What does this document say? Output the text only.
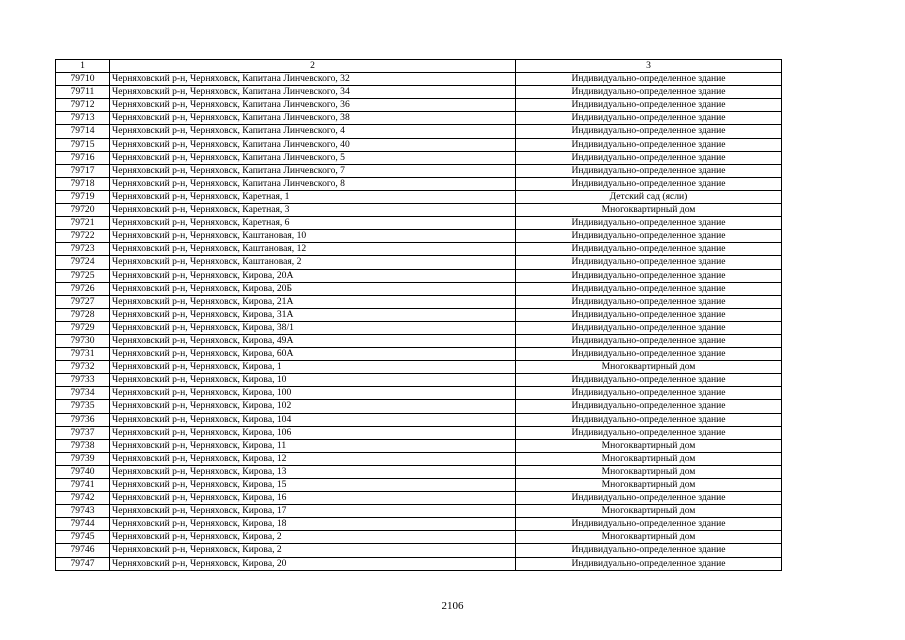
1	2	3
79710	Черняховский р-н, Черняховск, Капитана Линчевского, 32	Индивидуально-определенное здание
79711	Черняховский р-н, Черняховск, Капитана Линчевского, 34	Индивидуально-определенное здание
79712	Черняховский р-н, Черняховск, Капитана Линчевского, 36	Индивидуально-определенное здание
79713	Черняховский р-н, Черняховск, Капитана Линчевского, 38	Индивидуально-определенное здание
79714	Черняховский р-н, Черняховск, Капитана Линчевского, 4	Индивидуально-определенное здание
79715	Черняховский р-н, Черняховск, Капитана Линчевского, 40	Индивидуально-определенное здание
79716	Черняховский р-н, Черняховск, Капитана Линчевского, 5	Индивидуально-определенное здание
79717	Черняховский р-н, Черняховск, Капитана Линчевского, 7	Индивидуально-определенное здание
79718	Черняховский р-н, Черняховск, Капитана Линчевского, 8	Индивидуально-определенное здание
79719	Черняховский р-н, Черняховск, Каретная, 1	Детский сад (ясли)
79720	Черняховский р-н, Черняховск, Каретная, 3	Многоквартирный дом
79721	Черняховский р-н, Черняховск, Каретная, 6	Индивидуально-определенное здание
79722	Черняховский р-н, Черняховск, Каштановая, 10	Индивидуально-определенное здание
79723	Черняховский р-н, Черняховск, Каштановая, 12	Индивидуально-определенное здание
79724	Черняховский р-н, Черняховск, Каштановая, 2	Индивидуально-определенное здание
79725	Черняховский р-н, Черняховск, Кирова, 20А	Индивидуально-определенное здание
79726	Черняховский р-н, Черняховск, Кирова, 20Б	Индивидуально-определенное здание
79727	Черняховский р-н, Черняховск, Кирова, 21А	Индивидуально-определенное здание
79728	Черняховский р-н, Черняховск, Кирова, 31А	Индивидуально-определенное здание
79729	Черняховский р-н, Черняховск, Кирова, 38/1	Индивидуально-определенное здание
79730	Черняховский р-н, Черняховск, Кирова, 49А	Индивидуально-определенное здание
79731	Черняховский р-н, Черняховск, Кирова, 60А	Индивидуально-определенное здание
79732	Черняховский р-н, Черняховск, Кирова, 1	Многоквартирный дом
79733	Черняховский р-н, Черняховск, Кирова, 10	Индивидуально-определенное здание
79734	Черняховский р-н, Черняховск, Кирова, 100	Индивидуально-определенное здание
79735	Черняховский р-н, Черняховск, Кирова, 102	Индивидуально-определенное здание
79736	Черняховский р-н, Черняховск, Кирова, 104	Индивидуально-определенное здание
79737	Черняховский р-н, Черняховск, Кирова, 106	Индивидуально-определенное здание
79738	Черняховский р-н, Черняховск, Кирова, 11	Многоквартирный дом
79739	Черняховский р-н, Черняховск, Кирова, 12	Многоквартирный дом
79740	Черняховский р-н, Черняховск, Кирова, 13	Многоквартирный дом
79741	Черняховский р-н, Черняховск, Кирова, 15	Многоквартирный дом
79742	Черняховский р-н, Черняховск, Кирова, 16	Индивидуально-определенное здание
79743	Черняховский р-н, Черняховск, Кирова, 17	Многоквартирный дом
79744	Черняховский р-н, Черняховск, Кирова, 18	Индивидуально-определенное здание
79745	Черняховский р-н, Черняховск, Кирова, 2	Многоквартирный дом
79746	Черняховский р-н, Черняховск, Кирова, 2	Индивидуально-определенное здание
79747	Черняховский р-н, Черняховск, Кирова, 20	Индивидуально-определенное здание
2106
